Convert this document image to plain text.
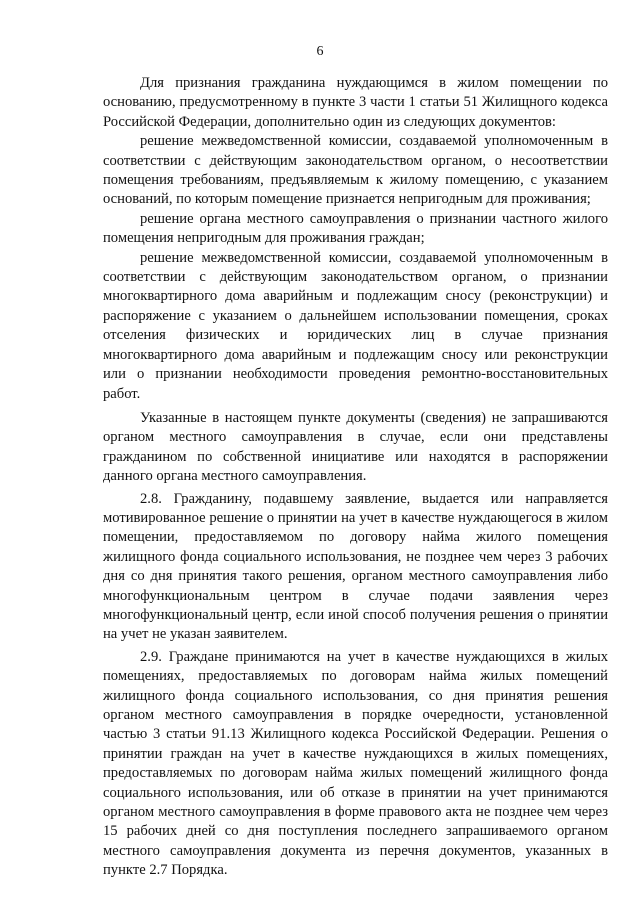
6

Для признания гражданина нуждающимся в жилом помещении по основанию, предусмотренному в пункте 3 части 1 статьи 51 Жилищного кодекса Российской Федерации, дополнительно один из следующих документов:

решение межведомственной комиссии, создаваемой уполномоченным в соответствии с действующим законодательством органом, о несоответствии помещения требованиям, предъявляемым к жилому помещению, с указанием оснований, по которым помещение признается непригодным для проживания;

решение органа местного самоуправления о признании частного жилого помещения непригодным для проживания граждан;

решение межведомственной комиссии, создаваемой уполномоченным в соответствии с действующим законодательством органом, о признании многоквартирного дома аварийным и подлежащим сносу (реконструкции) и распоряжение с указанием о дальнейшем использовании помещения, сроках отселения физических и юридических лиц в случае признания многоквартирного дома аварийным и подлежащим сносу или реконструкции или о признании необходимости проведения ремонтно-восстановительных работ.

Указанные в настоящем пункте документы (сведения) не запрашиваются органом местного самоуправления в случае, если они представлены гражданином по собственной инициативе или находятся в распоряжении данного органа местного самоуправления.

2.8. Гражданину, подавшему заявление, выдается или направляется мотивированное решение о принятии на учет в качестве нуждающегося в жилом помещении, предоставляемом по договору найма жилого помещения жилищного фонда социального использования, не позднее чем через 3 рабочих дня со дня принятия такого решения, органом местного самоуправления либо многофункциональным центром в случае подачи заявления через многофункциональный центр, если иной способ получения решения о принятии на учет не указан заявителем.

2.9. Граждане принимаются на учет в качестве нуждающихся в жилых помещениях, предоставляемых по договорам найма жилых помещений жилищного фонда социального использования, со дня принятия решения органом местного самоуправления в порядке очередности, установленной частью 3 статьи 91.13 Жилищного кодекса Российской Федерации. Решения о принятии граждан на учет в качестве нуждающихся в жилых помещениях, предоставляемых по договорам найма жилых помещений жилищного фонда социального использования, или об отказе в принятии на учет принимаются органом местного самоуправления в форме правового акта не позднее чем через 15 рабочих дней со дня поступления последнего запрашиваемого органом местного самоуправления документа из перечня документов, указанных в пункте 2.7 Порядка.
